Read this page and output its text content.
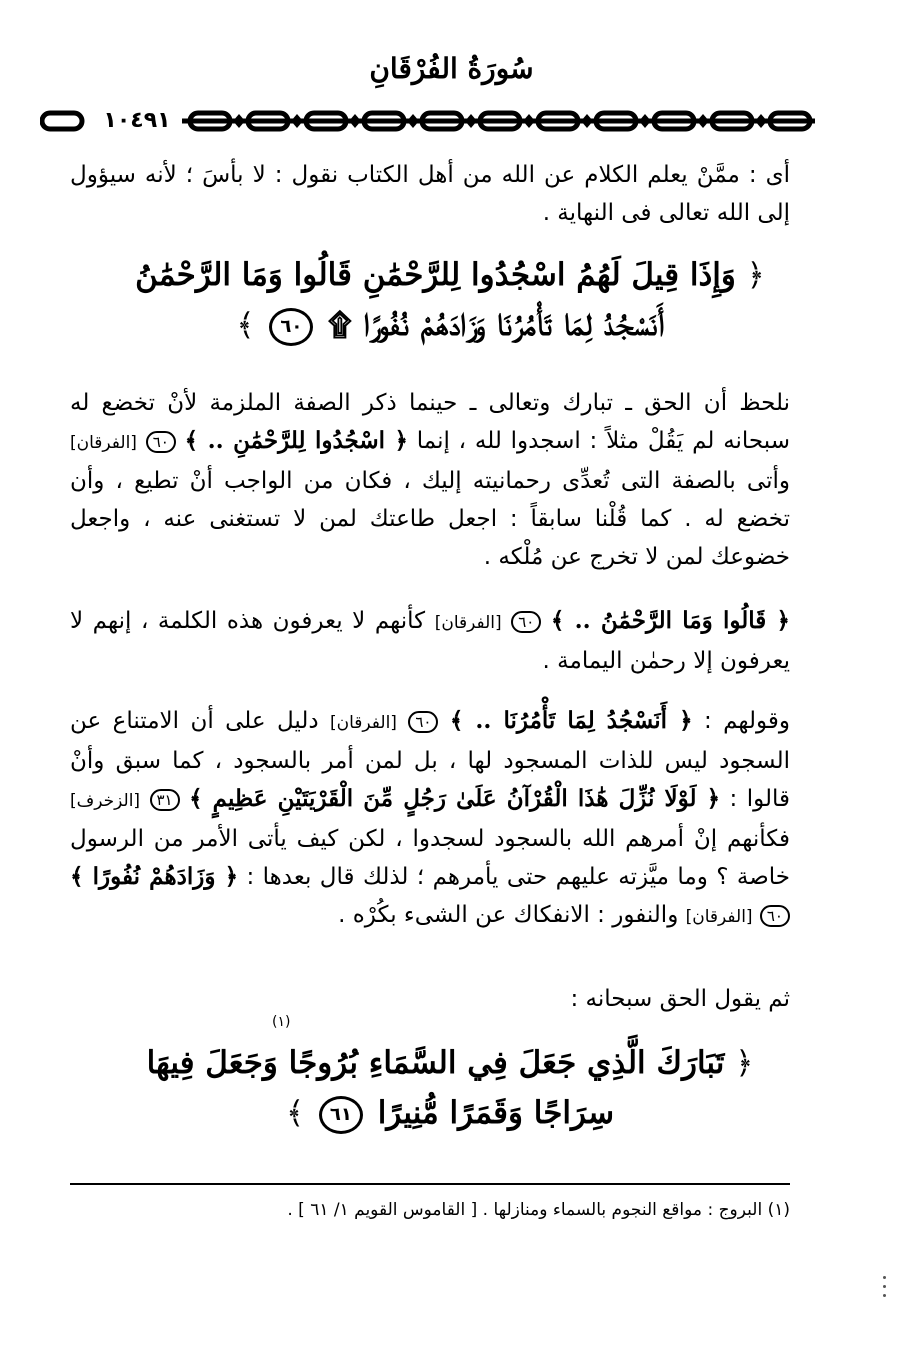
سُورَةُ الفُرْقَانِ
١٠٤٩١

أى : ممَّنْ يعلم الكلام عن الله من أهل الكتاب نقول : لا بأسَ ؛ لأنه سيؤول إلى الله تعالى فى النهاية .

﴿ وَإِذَا قِيلَ لَهُمُ اسْجُدُوا لِلرَّحْمَٰنِ قَالُوا وَمَا الرَّحْمَٰنُ
أَنَسْجُدُ لِمَا تَأْمُرُنَا وَزَادَهُمْ نُفُورًا ۩ ٦٠ ﴾

نلحظ أن الحق ـ تبارك وتعالى ـ حينما ذكر الصفة الملزمة لأنْ تخضع له سبحانه لم يَقُلْ مثلاً : اسجدوا لله ، إنما ﴿ اسْجُدُوا لِلرَّحْمَٰنِ .. ﴾ ٦٠ [الفرقان] وأتى بالصفة التى تُعدِّى رحمانيته إليك ، فكان من الواجب أنْ تطيع ، وأن تخضع له . كما قُلْنا سابقاً : اجعل طاعتك لمن لا تستغنى عنه ، واجعل خضوعك لمن لا تخرج عن مُلْكه .

﴿ قَالُوا وَمَا الرَّحْمَٰنُ .. ﴾ ٦٠ [الفرقان] كأنهم لا يعرفون هذه الكلمة ، إنهم لا يعرفون إلا رحمٰن اليمامة .

وقولهم : ﴿ أَنَسْجُدُ لِمَا تَأْمُرُنَا .. ﴾ ٦٠ [الفرقان] دليل على أن الامتناع عن السجود ليس للذات المسجود لها ، بل لمن أمر بالسجود ، كما سبق وأنْ قالوا : ﴿ لَوْلَا نُزِّلَ هَٰذَا الْقُرْآنُ عَلَىٰ رَجُلٍ مِّنَ الْقَرْيَتَيْنِ عَظِيمٍ ﴾ ٣١ [الزخرف] فكأنهم إنْ أمرهم الله بالسجود لسجدوا ، لكن كيف يأتى الأمر من الرسول خاصة ؟ وما ميَّزته عليهم حتى يأمرهم ؛ لذلك قال بعدها : ﴿ وَزَادَهُمْ نُفُورًا ﴾ ٦٠ [الفرقان] والنفور : الانفكاك عن الشىء بكُرْه .

ثم يقول الحق سبحانه :

(١)
﴿ تَبَارَكَ الَّذِي جَعَلَ فِي السَّمَاءِ بُرُوجًا وَجَعَلَ فِيهَا
سِرَاجًا وَقَمَرًا مُّنِيرًا ٦١ ﴾
(١) البروج : مواقع النجوم بالسماء ومنازلها . [ القاموس القويم ١/ ٦١ ] .
